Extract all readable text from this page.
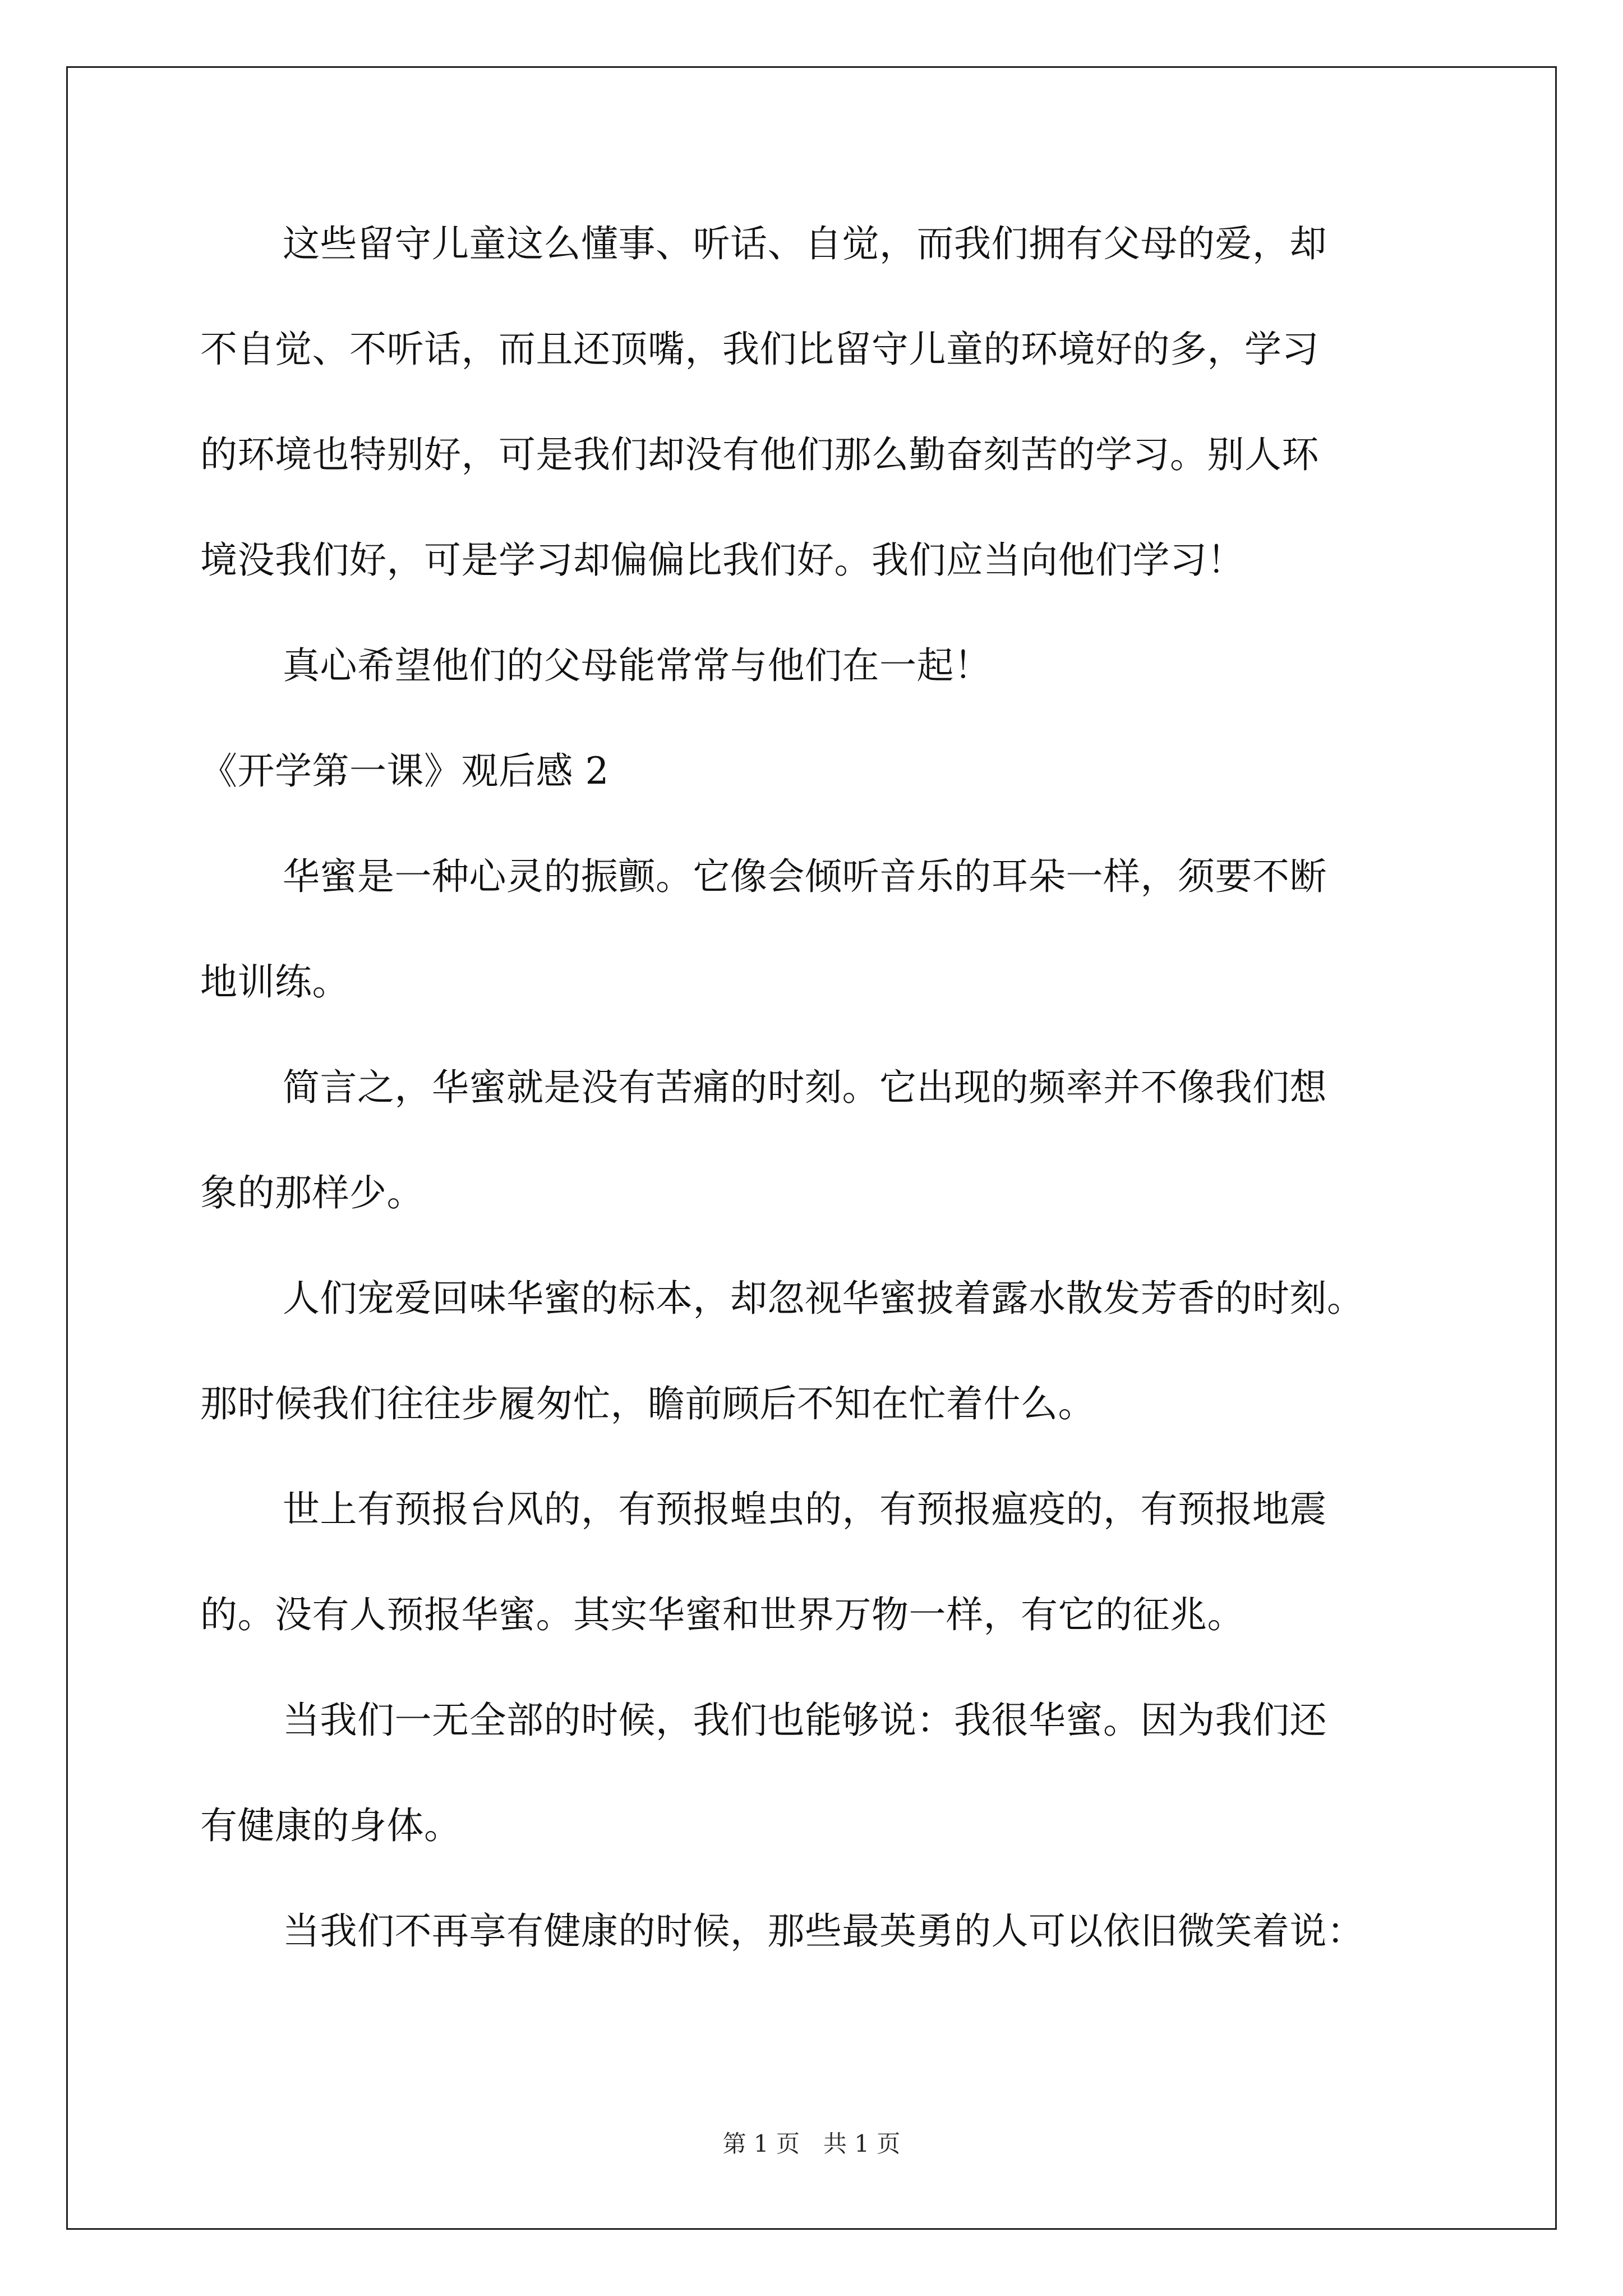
这些留守儿童这么懂事、听话、自觉，而我们拥有父母的爱，却
不自觉、不听话，而且还顶嘴，我们比留守儿童的环境好的多，学习
的环境也特别好，可是我们却没有他们那么勤奋刻苦的学习。别人环
境没我们好，可是学习却偏偏比我们好。我们应当向他们学习！
真心希望他们的父母能常常与他们在一起！
《开学第一课》观后感 2
华蜜是一种心灵的振颤。它像会倾听音乐的耳朵一样，须要不断
地训练。
简言之，华蜜就是没有苦痛的时刻。它出现的频率并不像我们想
象的那样少。
人们宠爱回味华蜜的标本，却忽视华蜜披着露水散发芳香的时刻。
那时候我们往往步履匆忙，瞻前顾后不知在忙着什么。
世上有预报台风的，有预报蝗虫的，有预报瘟疫的，有预报地震
的。没有人预报华蜜。其实华蜜和世界万物一样，有它的征兆。
当我们一无全部的时候，我们也能够说：我很华蜜。因为我们还
有健康的身体。
当我们不再享有健康的时候，那些最英勇的人可以依旧微笑着说：
第 1 页　共 1 页
